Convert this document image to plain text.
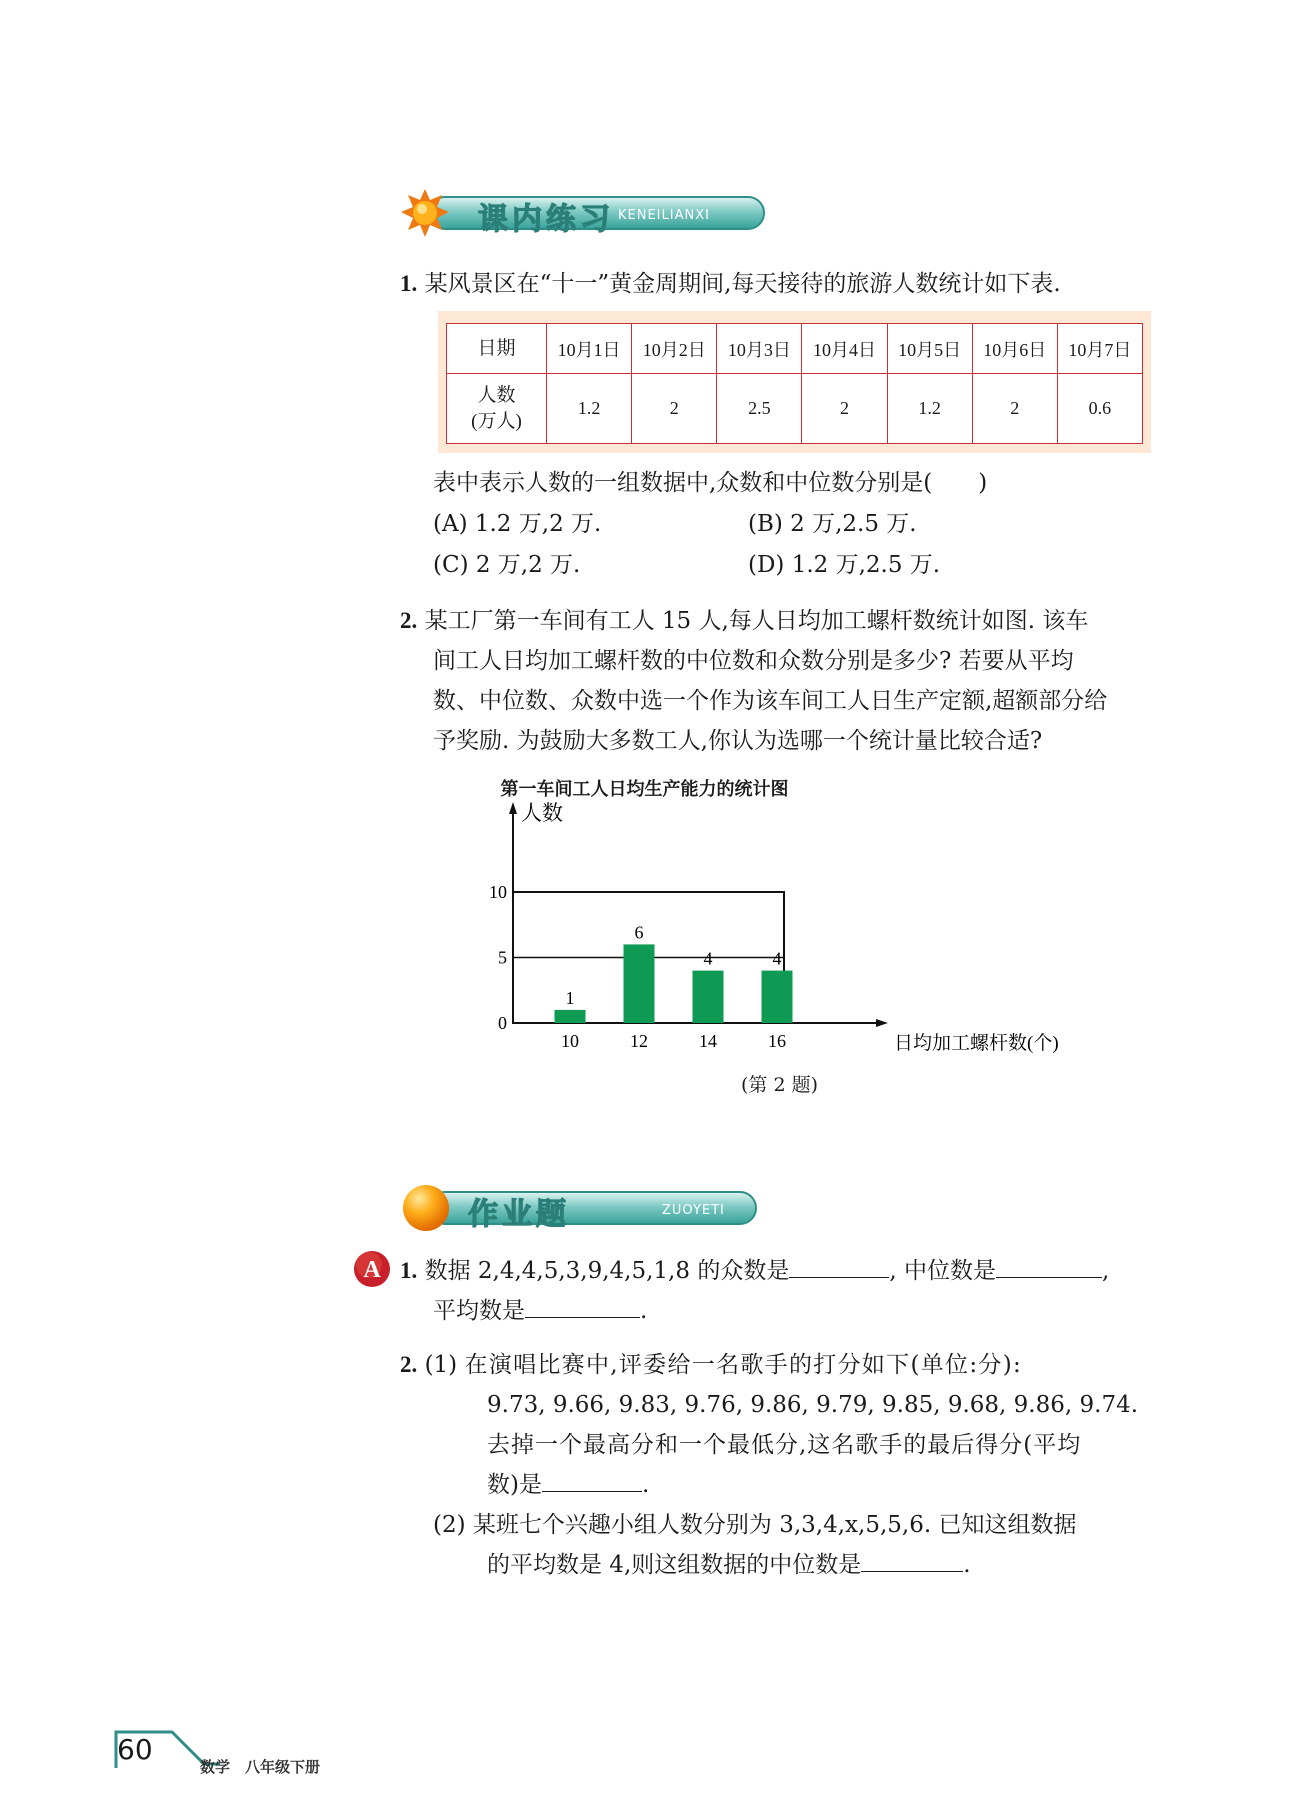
课内练习 KENEILIANXI
1. 某风景区在“十一”黄金周期间,每天接待的旅游人数统计如下表.
日期	10月1日	10月2日	10月3日	10月4日	10月5日	10月6日	10月7日

人数
(万人)	1.2	2	2.5	2	1.2	2	0.6
表中表示人数的一组数据中,众数和中位数分别是(　　)
(A) 1.2 万,2 万.	(B) 2 万,2.5 万.
(C) 2 万,2 万.	(D) 1.2 万,2.5 万.
2. 某工厂第一车间有工人 15 人,每人日均加工螺杆数统计如图. 该车
间工人日均加工螺杆数的中位数和众数分别是多少? 若要从平均
数、中位数、众数中选一个作为该车间工人日生产定额,超额部分给
予奖励. 为鼓励大多数工人,你认为选哪一个统计量比较合适?
第一车间工人日均生产能力的统计图
人数
日均加工螺杆数(个)
0
5
10
1
10
6
12
4
14
4
16
(第 2 题)
作业题	ZUOYETI
A 1. 数据 2,4,4,5,3,9,4,5,1,8 的众数是	, 中位数是	,
平均数是	.
2. (1) 在演唱比赛中,评委给一名歌手的打分如下(单位:分):
9.73, 9.66, 9.83, 9.76, 9.86, 9.79, 9.85, 9.68, 9.86, 9.74.
去掉一个最高分和一个最低分,这名歌手的最后得分(平均
数)是	.
(2) 某班七个兴趣小组人数分别为 3,3,4,x,5,5,6. 已知这组数据
的平均数是 4,则这组数据的中位数是	.
60
数学　八年级下册
